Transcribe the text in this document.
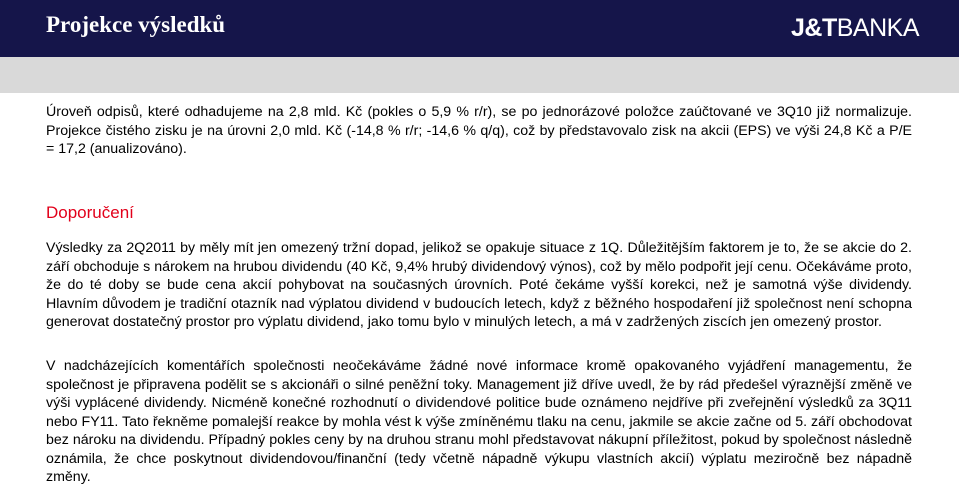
Projekce výsledků	J&TBANKA

Úroveň odpisů, které odhadujeme na 2,8 mld. Kč (pokles o 5,9 % r/r), se po jednorázové položce zaúčtované ve 3Q10 již normalizuje. Projekce čistého zisku je na úrovni 2,0 mld. Kč (-14,8 % r/r; -14,6 % q/q), což by představovalo zisk na akcii (EPS) ve výši 24,8 Kč a P/E = 17,2 (anualizováno).

Doporučení

Výsledky za 2Q2011 by měly mít jen omezený tržní dopad, jelikož se opakuje situace z 1Q. Důležitějším faktorem je to, že se akcie do 2. září obchoduje s nárokem na hrubou dividendu (40 Kč, 9,4% hrubý dividendový výnos), což by mělo podpořit její cenu. Očekáváme proto, že do té doby se bude cena akcií pohybovat na současných úrovních. Poté čekáme vyšší korekci, než je samotná výše dividendy. Hlavním důvodem je tradiční otazník nad výplatou dividend v budoucích letech, když z běžného hospodaření již společnost není schopna generovat dostatečný prostor pro výplatu dividend, jako tomu bylo v minulých letech, a má v zadržených ziscích jen omezený prostor.

V nadcházejících komentářích společnosti neočekáváme žádné nové informace kromě opakovaného vyjádření managementu, že společnost je připravena podělit se s akcionáři o silné peněžní toky. Management již dříve uvedl, že by rád předešel výraznější změně ve výši vyplácené dividendy. Nicméně konečné rozhodnutí o dividendové politice bude oznámeno nejdříve při zveřejnění výsledků za 3Q11 nebo FY11. Tato řekněme pomalejší reakce by mohla vést k výše zmíněnému tlaku na cenu, jakmile se akcie začne od 5. září obchodovat bez nároku na dividendu. Případný pokles ceny by na druhou stranu mohl představovat nákupní příležitost, pokud by společnost následně oznámila, že chce poskytnout dividendovou/finanční (tedy včetně nápadně výkupu vlastních akcií) výplatu meziročně bez nápadně změny.
